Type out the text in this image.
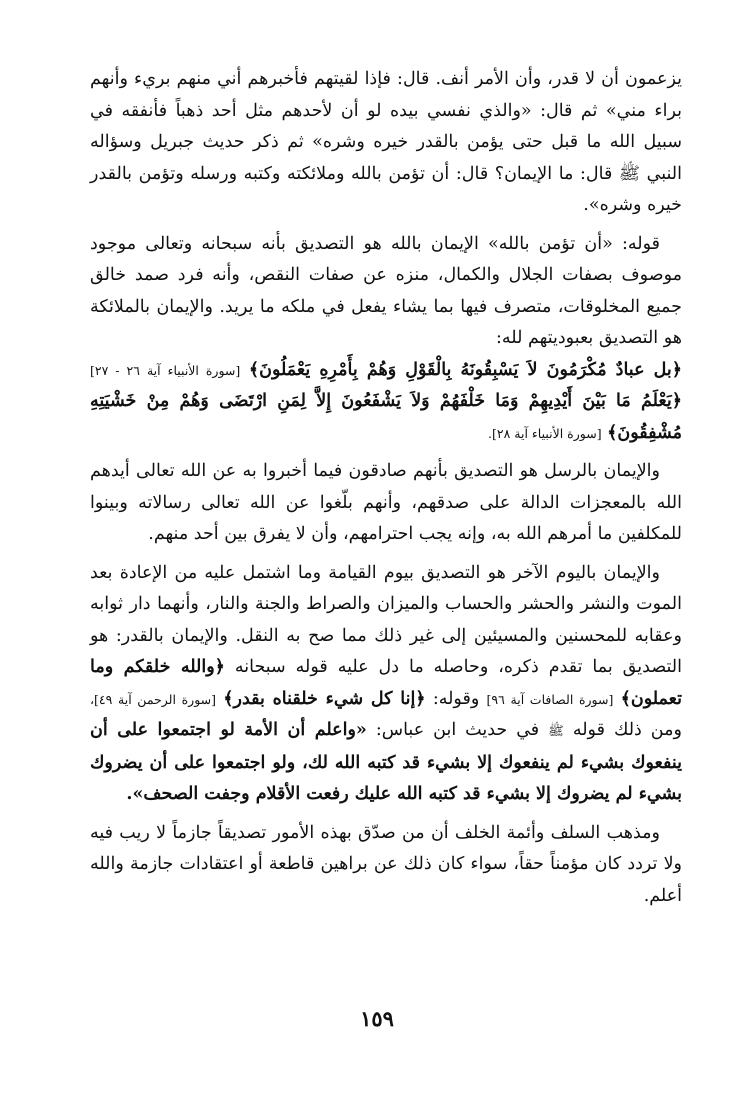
يزعمون أن لا قدر، وأن الأمر أنف. قال: فإذا لقيتهم فأخبرهم أني منهم بريء وأنهم براء مني» ثم قال: «والذي نفسي بيده لو أن لأحدهم مثل أحد ذهباً فأنفقه في سبيل الله ما قبل حتى يؤمن بالقدر خيره وشره» ثم ذكر حديث جبريل وسؤاله النبي ﷺ قال: ما الإيمان؟ قال: أن تؤمن بالله وملائكته وكتبه ورسله وتؤمن بالقدر خيره وشره».

قوله: «أن تؤمن بالله» الإيمان بالله هو التصديق بأنه سبحانه وتعالى موجود موصوف بصفات الجلال والكمال، منزه عن صفات النقص، وأنه فرد صمد خالق جميع المخلوقات، متصرف فيها بما يشاء يفعل في ملكه ما يريد. والإيمان بالملائكة هو التصديق بعبوديتهم لله:

﴿بل عبادٌ مُكْرَمُونَ لاَ يَسْبِقُونَهُ بِالْقَوْلِ وَهُمْ بِأَمْرِهِ يَعْمَلُونَ﴾ [سورة الأنبياء آية ٢٦ - ٢٧] ﴿يَعْلَمُ مَا بَيْنَ أَيْدِيهِمْ وَمَا خَلْفَهُمْ وَلاَ يَشْفَعُونَ إِلاَّ لِمَنِ ارْتَضَى وَهُمْ مِنْ خَشْيَتِهِ مُشْفِقُونَ﴾ [سورة الأنبياء آية ٢٨].

والإيمان بالرسل هو التصديق بأنهم صادقون فيما أخبروا به عن الله تعالى أيدهم الله بالمعجزات الدالة على صدقهم، وأنهم بلّغوا عن الله تعالى رسالاته وبينوا للمكلفين ما أمرهم الله به، وإنه يجب احترامهم، وأن لا يفرق بين أحد منهم.

والإيمان باليوم الآخر هو التصديق بيوم القيامة وما اشتمل عليه من الإعادة بعد الموت والنشر والحشر والحساب والميزان والصراط والجنة والنار، وأنهما دار ثوابه وعقابه للمحسنين والمسيئين إلى غير ذلك مما صح به النقل. والإيمان بالقدر: هو التصديق بما تقدم ذكره، وحاصله ما دل عليه قوله سبحانه ﴿والله خلقكم وما تعملون﴾ [سورة الصافات آية ٩٦] وقوله: ﴿إنا كل شيء خلقناه بقدر﴾ [سورة الرحمن آية ٤٩]، ومن ذلك قوله ﷺ في حديث ابن عباس: «واعلم أن الأمة لو اجتمعوا على أن ينفعوك بشيء لم ينفعوك إلا بشيء قد كتبه الله لك، ولو اجتمعوا على أن يضروك بشيء لم يضروك إلا بشيء قد كتبه الله عليك رفعت الأقلام وجفت الصحف».

ومذهب السلف وأئمة الخلف أن من صدّق بهذه الأمور تصديقاً جازماً لا ريب فيه ولا تردد كان مؤمناً حقاً، سواء كان ذلك عن براهين قاطعة أو اعتقادات جازمة والله أعلم.

١٥٩
